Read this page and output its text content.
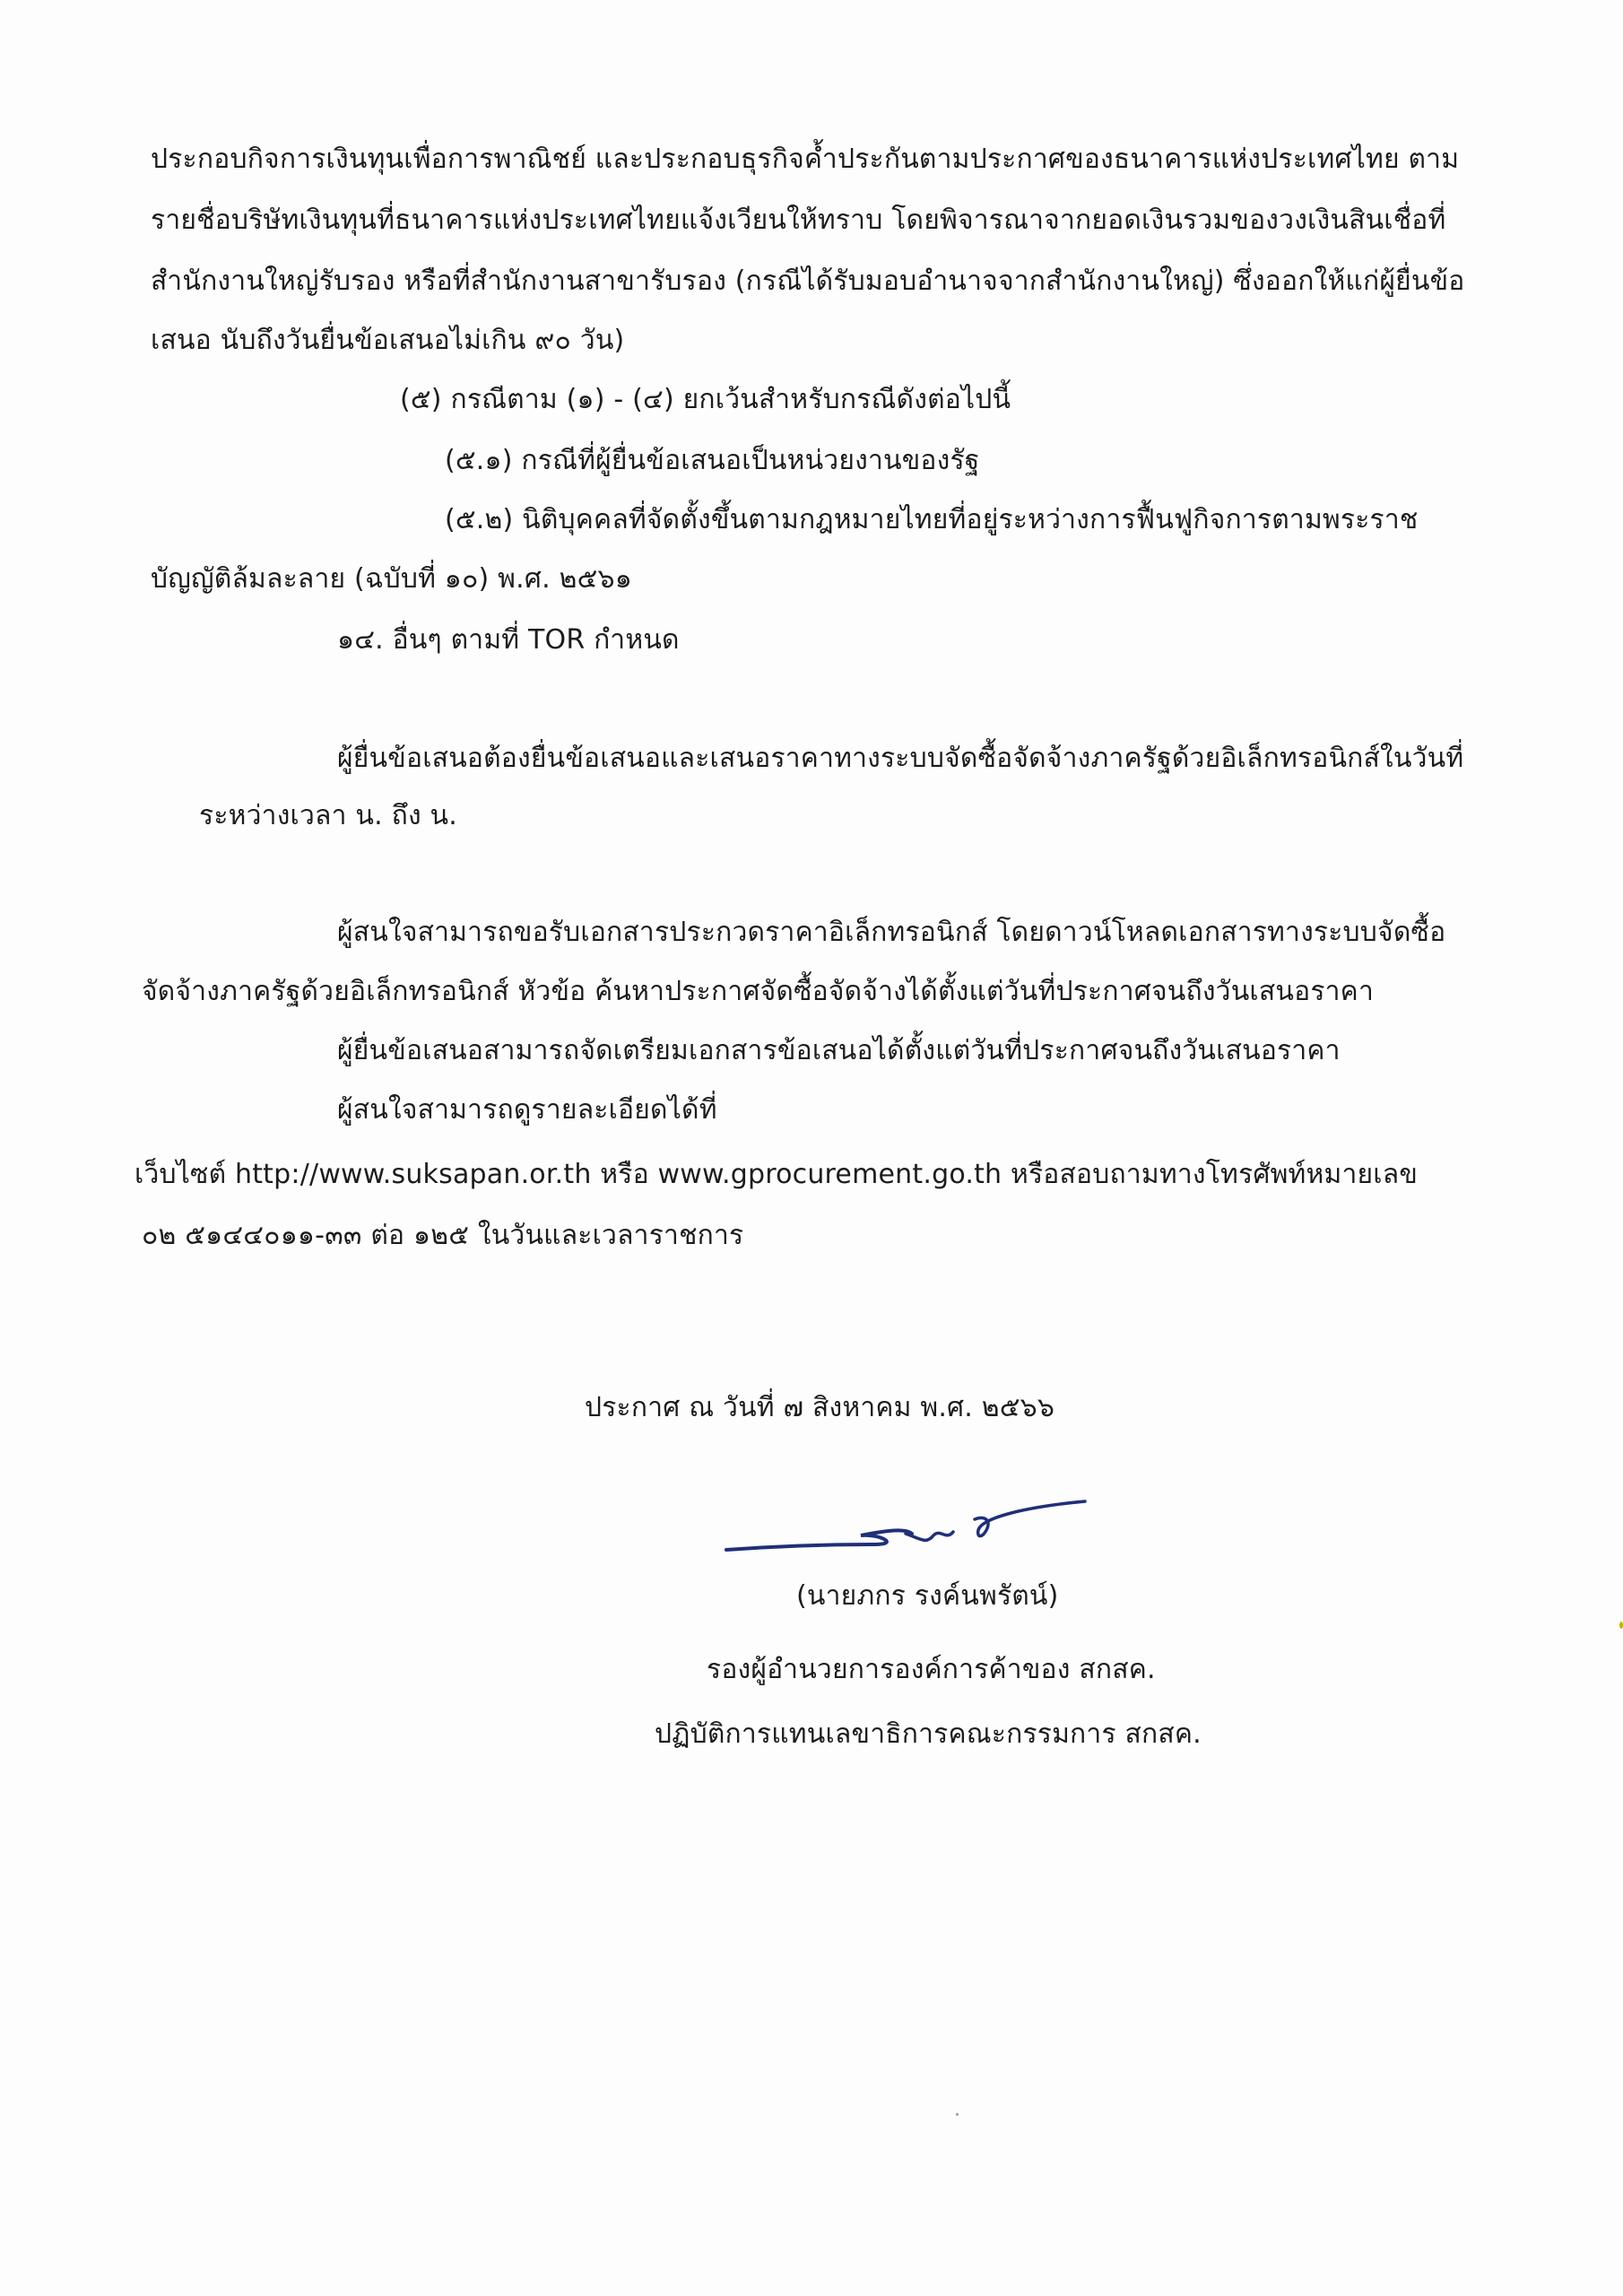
ประกอบกิจการเงินทุนเพื่อการพาณิชย์ และประกอบธุรกิจค้ำประกันตามประกาศของธนาคารแห่งประเทศไทย ตาม
รายชื่อบริษัทเงินทุนที่ธนาคารแห่งประเทศไทยแจ้งเวียนให้ทราบ โดยพิจารณาจากยอดเงินรวมของวงเงินสินเชื่อที่
สำนักงานใหญ่รับรอง หรือที่สำนักงานสาขารับรอง (กรณีได้รับมอบอำนาจจากสำนักงานใหญ่) ซึ่งออกให้แก่ผู้ยื่นข้อ
เสนอ นับถึงวันยื่นข้อเสนอไม่เกิน ๙๐ วัน)
(๕) กรณีตาม (๑) - (๔) ยกเว้นสำหรับกรณีดังต่อไปนี้
(๕.๑) กรณีที่ผู้ยื่นข้อเสนอเป็นหน่วยงานของรัฐ
(๕.๒) นิติบุคคลที่จัดตั้งขึ้นตามกฎหมายไทยที่อยู่ระหว่างการฟื้นฟูกิจการตามพระราช
บัญญัติล้มละลาย (ฉบับที่ ๑๐) พ.ศ. ๒๕๖๑
๑๔. อื่นๆ ตามที่ TOR กำหนด
ผู้ยื่นข้อเสนอต้องยื่นข้อเสนอและเสนอราคาทางระบบจัดซื้อจัดจ้างภาครัฐด้วยอิเล็กทรอนิกส์ในวันที่
ระหว่างเวลา น. ถึง น.
ผู้สนใจสามารถขอรับเอกสารประกวดราคาอิเล็กทรอนิกส์ โดยดาวน์โหลดเอกสารทางระบบจัดซื้อ
จัดจ้างภาครัฐด้วยอิเล็กทรอนิกส์ หัวข้อ ค้นหาประกาศจัดซื้อจัดจ้างได้ตั้งแต่วันที่ประกาศจนถึงวันเสนอราคา
ผู้ยื่นข้อเสนอสามารถจัดเตรียมเอกสารข้อเสนอได้ตั้งแต่วันที่ประกาศจนถึงวันเสนอราคา
ผู้สนใจสามารถดูรายละเอียดได้ที่
เว็บไซต์ http://www.suksapan.or.th หรือ www.gprocurement.go.th หรือสอบถามทางโทรศัพท์หมายเลข
๐๒ ๕๑๔๔๐๑๑-๓๓ ต่อ ๑๒๕ ในวันและเวลาราชการ
ประกาศ ณ วันที่ ๗ สิงหาคม พ.ศ. ๒๕๖๖
(นายภกร รงค์นพรัตน์)
รองผู้อำนวยการองค์การค้าของ สกสค.
ปฏิบัติการแทนเลขาธิการคณะกรรมการ สกสค.
